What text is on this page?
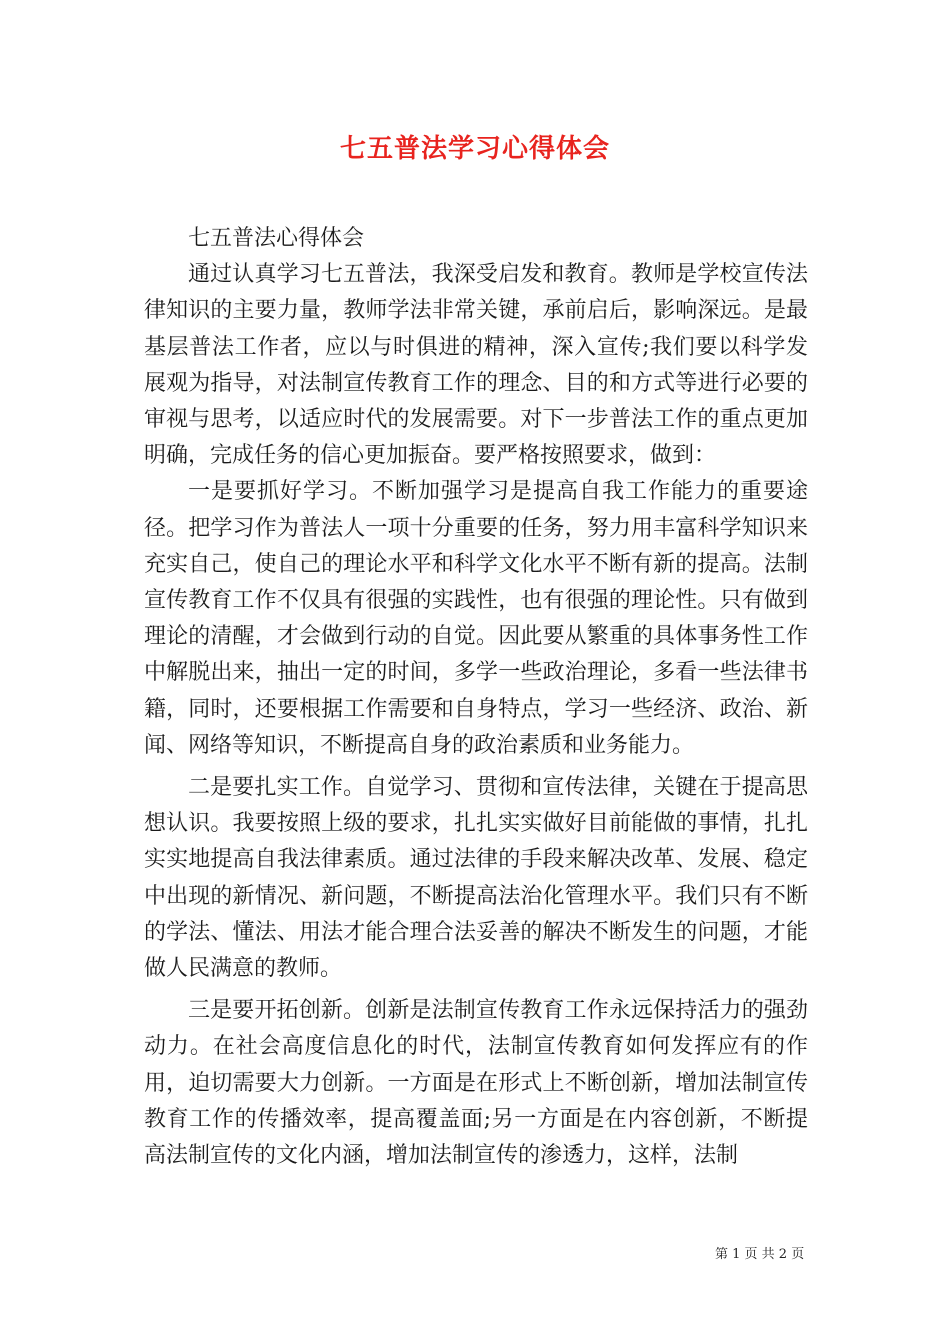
七五普法学习心得体会

七五普法心得体会

通过认真学习七五普法，我深受启发和教育。教师是学校宣传法律知识的主要力量，教师学法非常关键，承前启后，影响深远。是最基层普法工作者，应以与时俱进的精神，深入宣传;我们要以科学发展观为指导，对法制宣传教育工作的理念、目的和方式等进行必要的审视与思考，以适应时代的发展需要。对下一步普法工作的重点更加明确，完成任务的信心更加振奋。要严格按照要求，做到：

一是要抓好学习。不断加强学习是提高自我工作能力的重要途径。把学习作为普法人一项十分重要的任务，努力用丰富科学知识来充实自己，使自己的理论水平和科学文化水平不断有新的提高。法制宣传教育工作不仅具有很强的实践性，也有很强的理论性。只有做到理论的清醒，才会做到行动的自觉。因此要从繁重的具体事务性工作中解脱出来，抽出一定的时间，多学一些政治理论，多看一些法律书籍，同时，还要根据工作需要和自身特点，学习一些经济、政治、新闻、网络等知识，不断提高自身的政治素质和业务能力。

二是要扎实工作。自觉学习、贯彻和宣传法律，关键在于提高思想认识。我要按照上级的要求，扎扎实实做好目前能做的事情，扎扎实实地提高自我法律素质。通过法律的手段来解决改革、发展、稳定中出现的新情况、新问题，不断提高法治化管理水平。我们只有不断的学法、懂法、用法才能合理合法妥善的解决不断发生的问题，才能做人民满意的教师。

三是要开拓创新。创新是法制宣传教育工作永远保持活力的强劲动力。在社会高度信息化的时代，法制宣传教育如何发挥应有的作用，迫切需要大力创新。一方面是在形式上不断创新，增加法制宣传教育工作的传播效率，提高覆盖面;另一方面是在内容创新，不断提高法制宣传的文化内涵，增加法制宣传的渗透力，这样，法制

第 1 页 共 2 页
